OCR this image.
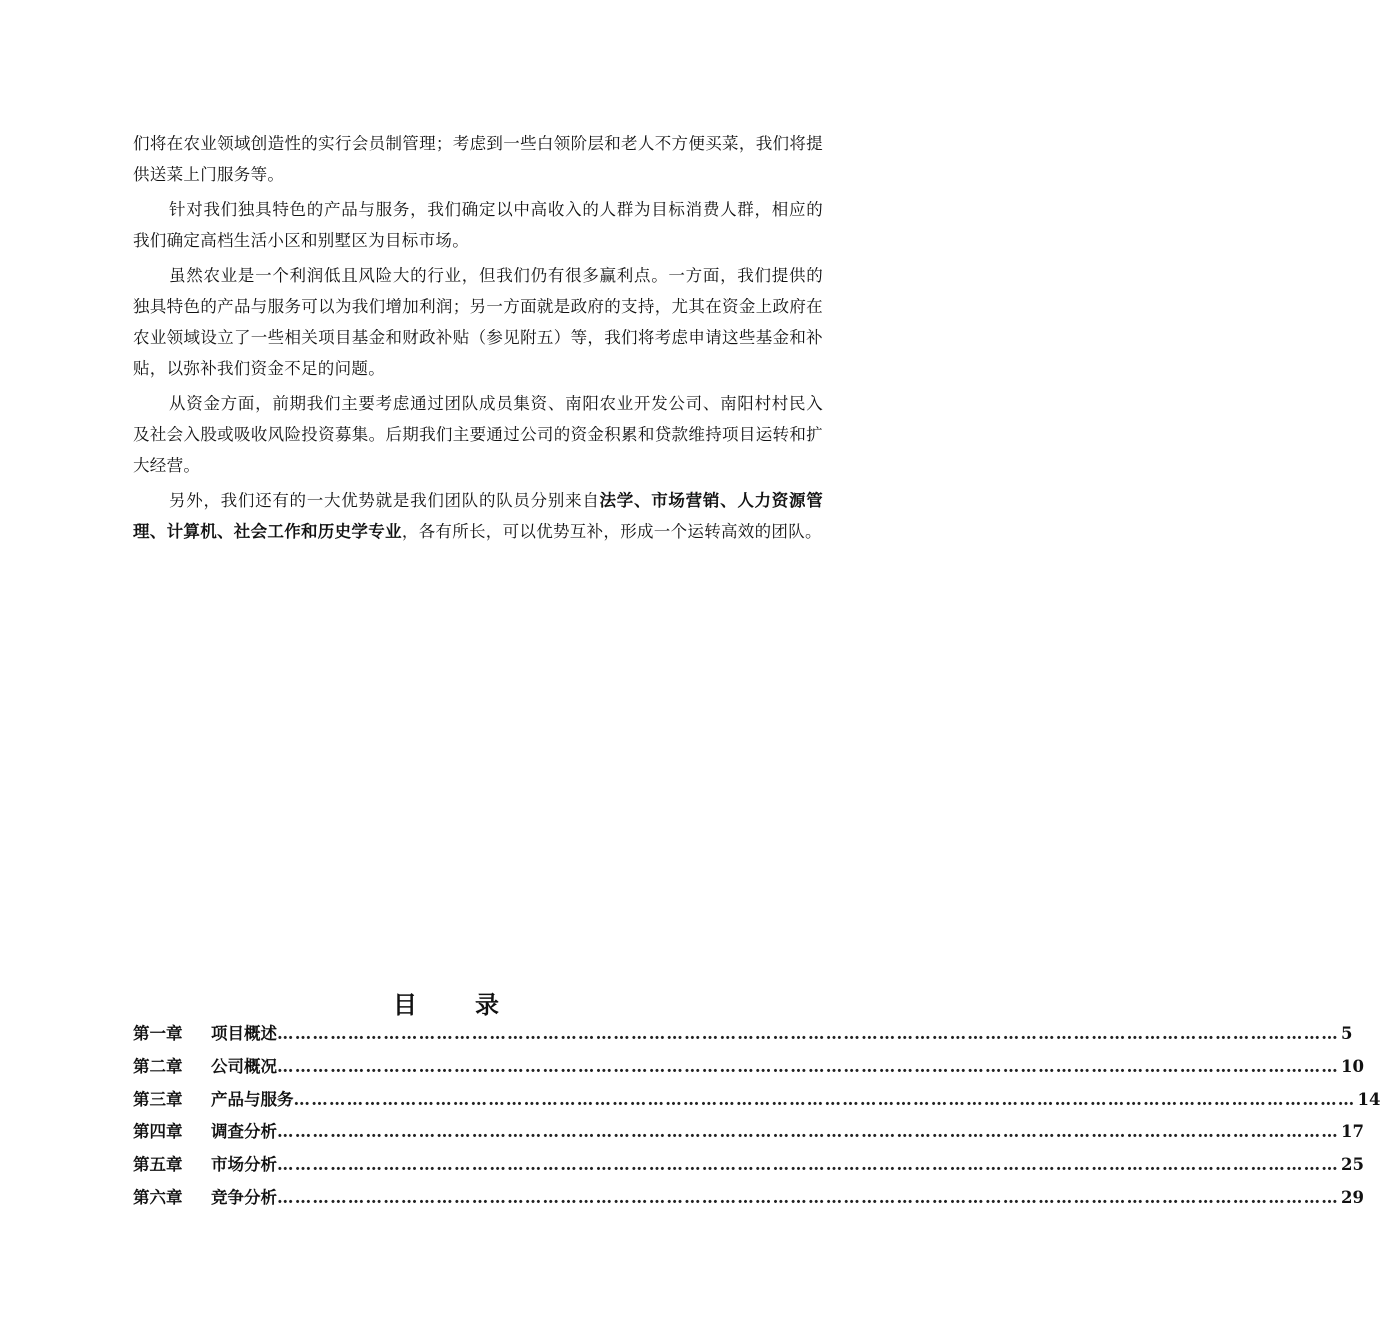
们将在农业领域创造性的实行会员制管理；考虑到一些白领阶层和老人不方便买菜，我们将提供送菜上门服务等。

针对我们独具特色的产品与服务，我们确定以中高收入的人群为目标消费人群，相应的我们确定高档生活小区和别墅区为目标市场。

虽然农业是一个利润低且风险大的行业，但我们仍有很多赢利点。一方面，我们提供的独具特色的产品与服务可以为我们增加利润；另一方面就是政府的支持，尤其在资金上政府在农业领域设立了一些相关项目基金和财政补贴（参见附五）等，我们将考虑申请这些基金和补贴，以弥补我们资金不足的问题。

从资金方面，前期我们主要考虑通过团队成员集资、南阳农业开发公司、南阳村村民入及社会入股或吸收风险投资募集。后期我们主要通过公司的资金积累和贷款维持项目运转和扩大经营。

另外，我们还有的一大优势就是我们团队的队员分别来自法学、市场营销、人力资源管理、计算机、社会工作和历史学专业，各有所长，可以优势互补，形成一个运转高效的团队。

目录
第一章	项目概述 ……………………………………………………………………………………………………………………………………………………………… 5
第二章	公司概况 ……………………………………………………………………………………………………………………………………………………………… 10
第三章	产品与服务 ……………………………………………………………………………………………………………………………………………………………… 14
第四章	调查分析 ……………………………………………………………………………………………………………………………………………………………… 17
第五章	市场分析 ……………………………………………………………………………………………………………………………………………………………… 25
第六章	竞争分析 ……………………………………………………………………………………………………………………………………………………………… 29
